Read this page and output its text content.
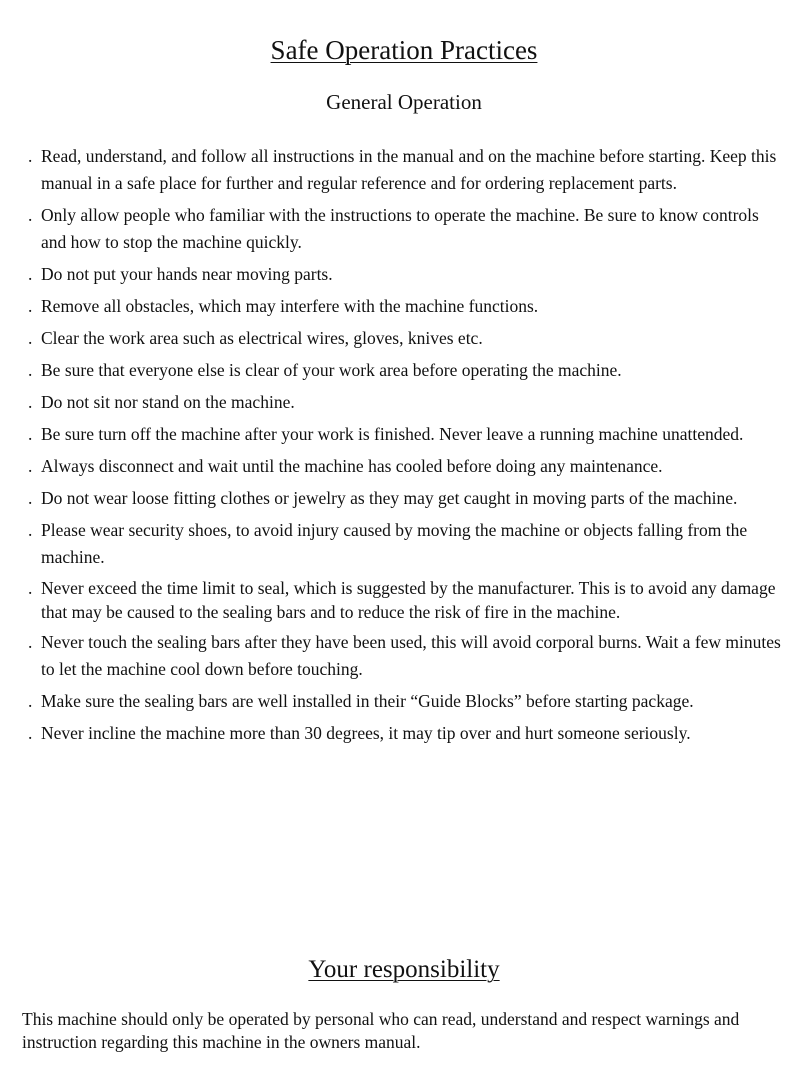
Safe Operation Practices
General Operation
. Read, understand, and follow all instructions in the manual and on the machine before starting. Keep this manual in a safe place for further and regular reference and for ordering replacement parts.
. Only allow people who familiar with the instructions to operate the machine. Be sure to know controls and how to stop the machine quickly.
. Do not put your hands near moving parts.
. Remove all obstacles, which may interfere with the machine functions.
. Clear the work area such as electrical wires, gloves, knives etc.
. Be sure that everyone else is clear of your work area before operating the machine.
. Do not sit nor stand on the machine.
. Be sure turn off the machine after your work is finished. Never leave a running machine unattended.
. Always disconnect and wait until the machine has cooled before doing any maintenance.
. Do not wear loose fitting clothes or jewelry as they may get caught in moving parts of the machine.
. Please wear security shoes, to avoid injury caused by moving the machine or objects falling from the machine.
. Never exceed the time limit to seal, which is suggested by the manufacturer. This is to avoid any damage that may be caused to the sealing bars and to reduce the risk of fire in the machine.
. Never touch the sealing bars after they have been used, this will avoid corporal burns. Wait a few minutes to let the machine cool down before touching.
. Make sure the sealing bars are well installed in their “Guide Blocks” before starting package.
. Never incline the machine more than 30 degrees, it may tip over and hurt someone seriously.
Your responsibility
This machine should only be operated by personal who can read, understand and respect warnings and instruction regarding this machine in the owners manual.
